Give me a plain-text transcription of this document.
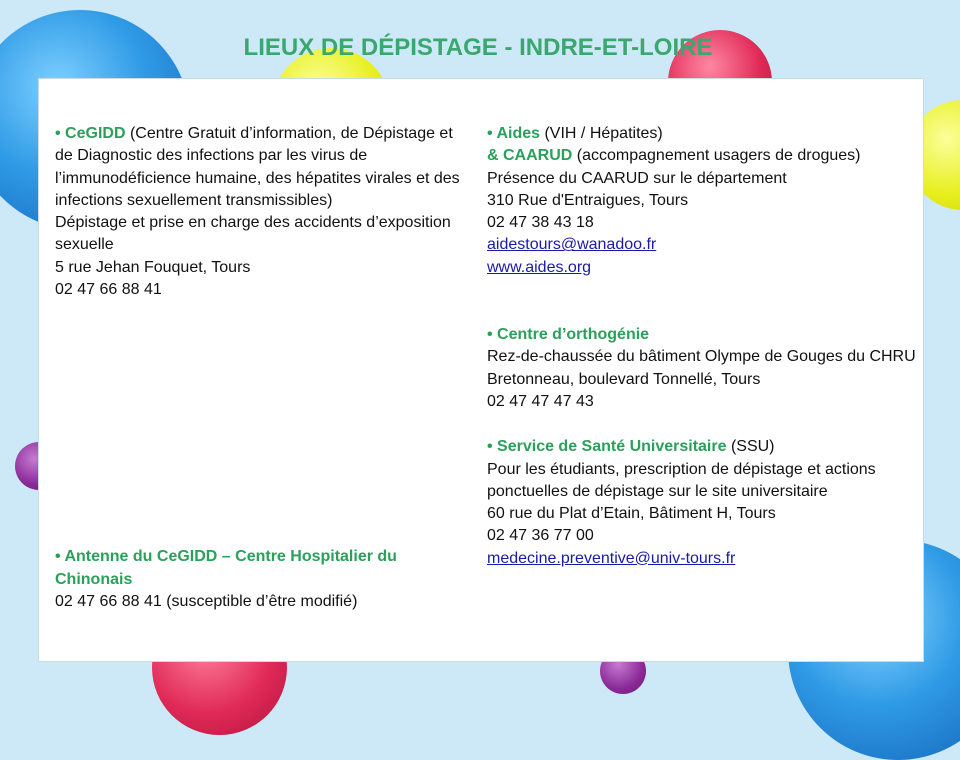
LIEUX DE DÉPISTAGE - INDRE-ET-LOIRE

• CeGIDD (Centre Gratuit d’information, de Dépistage et de Diagnostic des infections par les virus de l’immunodéficience humaine, des hépatites virales et des infections sexuellement transmissibles)

Dépistage et prise en charge des accidents d’exposition sexuelle

5 rue Jehan Fouquet, Tours

02 47 66 88 41

• Antenne du CeGIDD – Centre Hospitalier du Chinonais

02 47 66 88 41 (susceptible d’être modifié)

• Aides (VIH / Hépatites)

& CAARUD (accompagnement usagers de drogues)

Présence du CAARUD sur le département

310 Rue d'Entraigues, Tours

02 47 38 43 18

aidestours@wanadoo.fr

www.aides.org

• Centre d’orthogénie

Rez-de-chaussée du bâtiment Olympe de Gouges du CHRU Bretonneau, boulevard Tonnellé, Tours

02 47 47 47 43

• Service de Santé Universitaire (SSU)

Pour les étudiants, prescription de dépistage et actions ponctuelles de dépistage sur le site universitaire

60 rue du Plat d’Etain, Bâtiment H, Tours

02 47 36 77 00

medecine.preventive@univ-tours.fr
